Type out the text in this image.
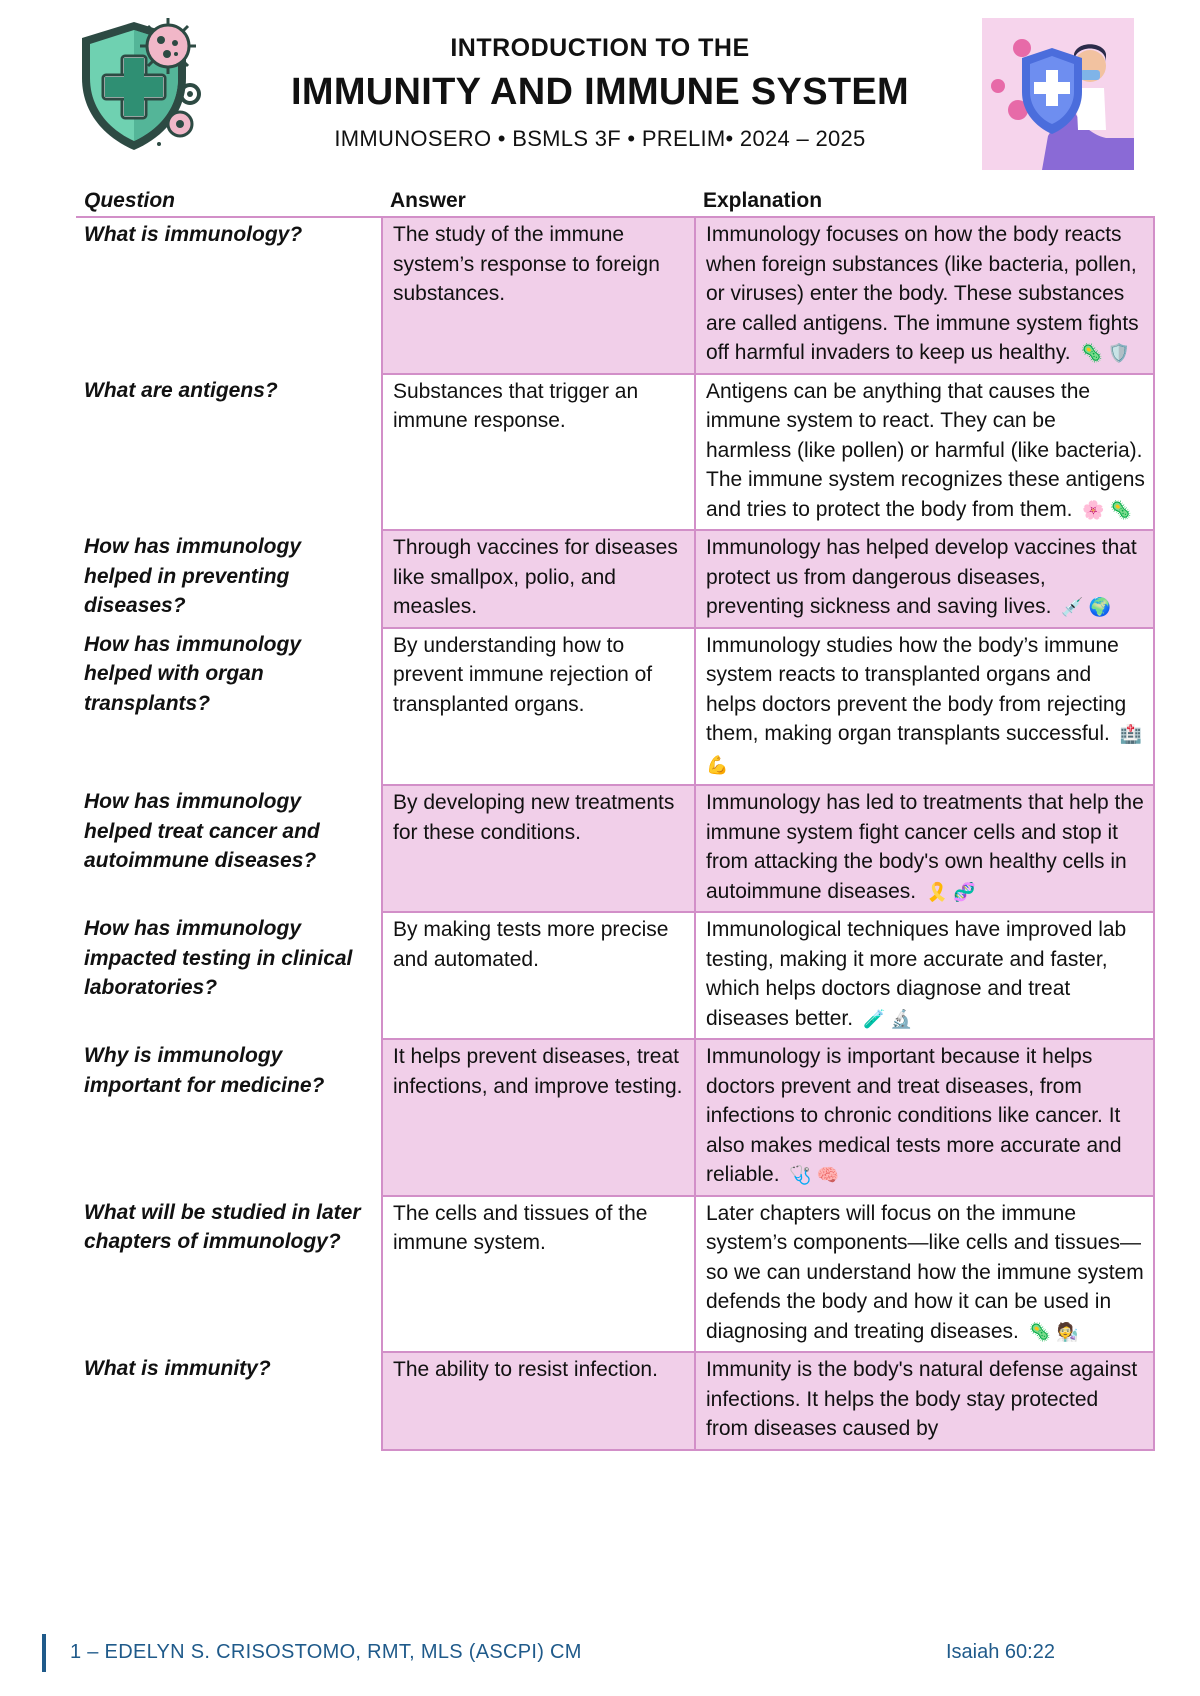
INTRODUCTION TO THE
IMMUNITY AND IMMUNE SYSTEM
IMMUNOSERO • BSMLS 3F • PRELIM• 2024 – 2025
Question	Answer	Explanation
What is immunology?	The study of the immune system’s response to foreign substances.	Immunology focuses on how the body reacts when foreign substances (like bacteria, pollen, or viruses) enter the body. These substances are called antigens. The immune system fights off harmful invaders to keep us healthy. 🦠 🛡️
What are antigens?	Substances that trigger an immune response.	Antigens can be anything that causes the immune system to react. They can be harmless (like pollen) or harmful (like bacteria). The immune system recognizes these antigens and tries to protect the body from them. 🌸 🦠
How has immunology helped in preventing diseases?	Through vaccines for diseases like smallpox, polio, and measles.	Immunology has helped develop vaccines that protect us from dangerous diseases, preventing sickness and saving lives. 💉 🌍
How has immunology helped with organ transplants?	By understanding how to prevent immune rejection of transplanted organs.	Immunology studies how the body’s immune system reacts to transplanted organs and helps doctors prevent the body from rejecting them, making organ transplants successful. 🏥 💪
How has immunology helped treat cancer and autoimmune diseases?	By developing new treatments for these conditions.	Immunology has led to treatments that help the immune system fight cancer cells and stop it from attacking the body's own healthy cells in autoimmune diseases. 🎗️ 🧬
How has immunology impacted testing in clinical laboratories?	By making tests more precise and automated.	Immunological techniques have improved lab testing, making it more accurate and faster, which helps doctors diagnose and treat diseases better. 🧪 🔬
Why is immunology important for medicine?	It helps prevent diseases, treat infections, and improve testing.	Immunology is important because it helps doctors prevent and treat diseases, from infections to chronic conditions like cancer. It also makes medical tests more accurate and reliable. 🩺 🧠
What will be studied in later chapters of immunology?	The cells and tissues of the immune system.	Later chapters will focus on the immune system’s components—like cells and tissues—so we can understand how the immune system defends the body and how it can be used in diagnosing and treating diseases. 🦠 🧑‍🔬
What is immunity?	The ability to resist infection.	Immunity is the body's natural defense against infections. It helps the body stay protected from diseases caused by
1 – EDELYN S. CRISOSTOMO, RMT, MLS (ASCPI) CM	Isaiah 60:22
